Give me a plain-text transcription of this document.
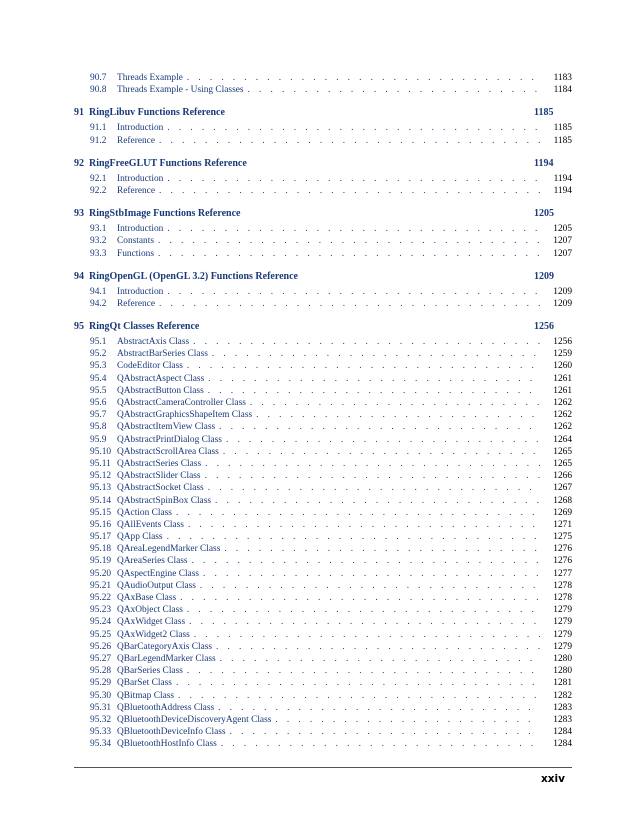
90.7	Threads Example . . .	1183
90.8	Threads Example - Using Classes . . .	1184
91 RingLibuv Functions Reference	1185
91.1	Introduction . . .	1185
91.2	Reference . . .	1185
92 RingFreeGLUT Functions Reference	1194
92.1	Introduction . . .	1194
92.2	Reference . . .	1194
93 RingStbImage Functions Reference	1205
93.1	Introduction . . .	1205
93.2	Constants . . .	1207
93.3	Functions . . .	1207
94 RingOpenGL (OpenGL 3.2) Functions Reference	1209
94.1	Introduction . . .	1209
94.2	Reference . . .	1209
95 RingQt Classes Reference	1256
95.1	AbstractAxis Class . . .	1256
95.2	AbstractBarSeries Class . . .	1259
95.3	CodeEditor Class . . .	1260
95.4	QAbstractAspect Class . . .	1261
95.5	QAbstractButton Class . . .	1261
95.6	QAbstractCameraController Class . . .	1262
95.7	QAbstractGraphicsShapeItem Class . . .	1262
95.8	QAbstractItemView Class . . .	1262
95.9	QAbstractPrintDialog Class . . .	1264
95.10 QAbstractScrollArea Class . . .	1265
95.11 QAbstractSeries Class . . .	1265
95.12 QAbstractSlider Class . . .	1266
95.13 QAbstractSocket Class . . .	1267
95.14 QAbstractSpinBox Class . . .	1268
95.15 QAction Class . . .	1269
95.16 QAllEvents Class . . .	1271
95.17 QApp Class . . .	1275
95.18 QAreaLegendMarker Class . . .	1276
95.19 QAreaSeries Class . . .	1276
95.20 QAspectEngine Class . . .	1277
95.21 QAudioOutput Class . . .	1278
95.22 QAxBase Class . . .	1278
95.23 QAxObject Class . . .	1279
95.24 QAxWidget Class . . .	1279
95.25 QAxWidget2 Class . . .	1279
95.26 QBarCategoryAxis Class . . .	1279
95.27 QBarLegendMarker Class . . .	1280
95.28 QBarSeries Class . . .	1280
95.29 QBarSet Class . . .	1281
95.30 QBitmap Class . . .	1282
95.31 QBluetoothAddress Class . . .	1283
95.32 QBluetoothDeviceDiscoveryAgent Class . . .	1283
95.33 QBluetoothDeviceInfo Class . . .	1284
95.34 QBluetoothHostInfo Class . . .	1284
xxiv
